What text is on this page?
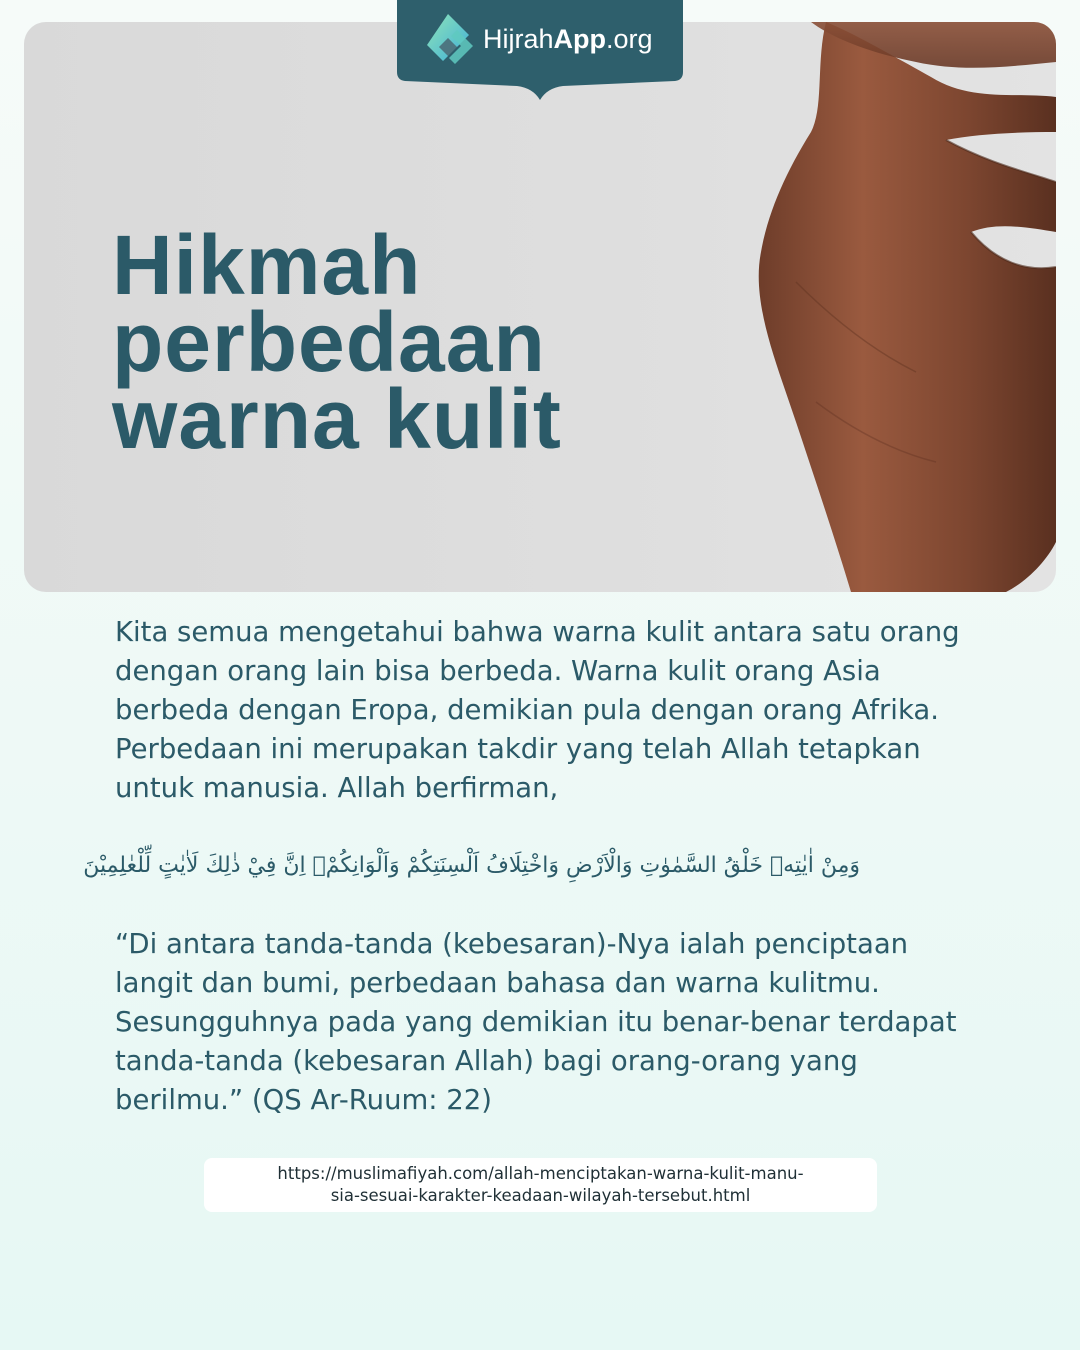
Hikmah
perbedaan
warna kulit
HijrahApp.org

Kita semua mengetahui bahwa warna kulit antara satu orang dengan orang lain bisa berbeda. Warna kulit orang Asia berbeda dengan Eropa, demikian pula dengan orang Afrika. Perbedaan ini merupakan takdir yang telah Allah tetapkan untuk manusia. Allah berfirman,

وَمِنْ اٰيٰتِهٖ خَلْقُ السَّمٰوٰتِ وَالْاَرْضِ وَاخْتِلَافُ اَلْسِنَتِكُمْ وَاَلْوَانِكُمْۗ اِنَّ فِيْ ذٰلِكَ لَاٰيٰتٍ لِّلْعٰلِمِيْنَ

“Di antara tanda-tanda (kebesaran)-Nya ialah penciptaan langit dan bumi, perbedaan bahasa dan warna kulitmu. Sesungguhnya pada yang demikian itu benar-benar terdapat tanda-tanda (kebesaran Allah) bagi orang-orang yang berilmu.” (QS Ar-Ruum: 22)

https://muslimafiyah.com/allah-menciptakan-warna-kulit-manu-
sia-sesuai-karakter-keadaan-wilayah-tersebut.html
